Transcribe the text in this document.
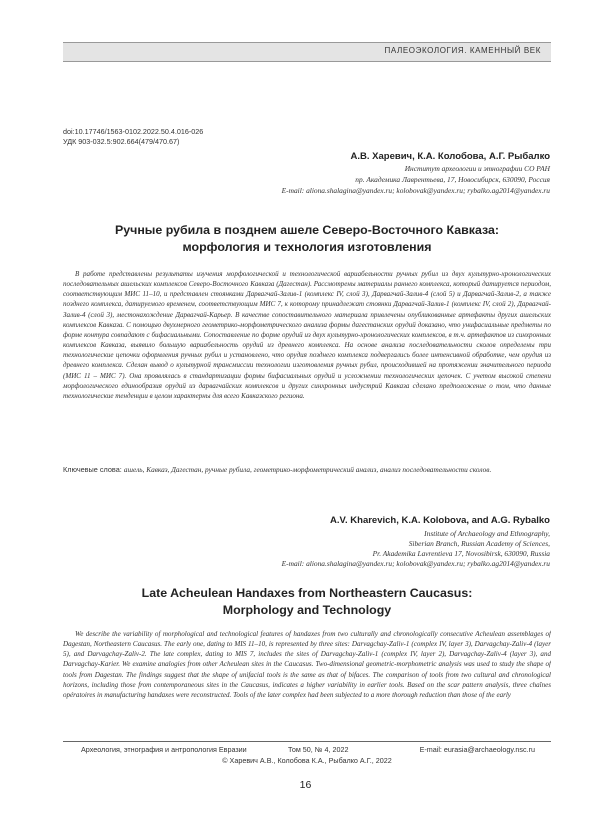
ПАЛЕОЭКОЛОГИЯ. КАМЕННЫЙ ВЕК
doi:10.17746/1563-0102.2022.50.4.016-026
УДК 903-032.5:902.664(479/470.67)
А.В. Харевич, К.А. Колобова, А.Г. Рыбалко
Институт археологии и этнографии СО РАН
пр. Академика Лаврентьева, 17, Новосибирск, 630090, Россия
E-mail: aliona.shalagina@yandex.ru; kolobovak@yandex.ru; rybalko.ag2014@yandex.ru
Ручные рубила в позднем ашеле Северо-Восточного Кавказа:
морфология и технология изготовления

В работе представлены результаты изучения морфологической и технологической вариабельности ручных рубил из двух культурно-хронологических последовательных ашельских комплексов Северо-Восточного Кавказа (Дагестан). Рассмотрены материалы раннего комплекса, который датируется периодом, соответствующим МИС 11–10, и представлен стоянками Дарвагчай-Залив-1 (комплекс IV, слой 3), Дарвагчай-Залив-4 (слой 5) и Дарвагчай-Залив-2, а также позднего комплекса, датируемого временем, соответствующим МИС 7, к которому принадлежат стоянки Дарвагчай-Залив-1 (комплекс IV, слой 2), Дарвагчай-Залив-4 (слой 3), местонахождение Дарвагчай-Карьер. В качестве сопоставительного материала привлечены опубликованные артефакты других ашельских комплексов Кавказа. С помощью двухмерного геометрико-морфометрического анализа формы дагестанских орудий доказано, что унифасиальные предметы по форме контура совпадают с бифасиальными. Сопоставление по форме орудий из двух культурно-хронологических комплексов, в т.ч. артефактов из синхронных комплексов Кавказа, выявило большую вариабельность орудий из древнего комплекса. На основе анализа последовательности сколов определены три технологические цепочки оформления ручных рубил и установлено, что орудия позднего комплекса подвергались более интенсивной обработке, чем орудия из древнего комплекса. Сделан вывод о культурной трансмиссии технологии изготовления ручных рубил, происходившей на протяжении значительного периода (МИС 11 – МИС 7). Она проявлялась в стандартизации формы бифасиальных орудий и усложнении технологических цепочек. С учетом высокой степени морфологического единообразия орудий из дарвагчайских комплексов и других синхронных индустрий Кавказа сделано предположение о том, что данные технологические тенденции в целом характерны для всего Кавказского региона.

Ключевые слова: ашель, Кавказ, Дагестан, ручные рубила, геометрико-морфометрический анализ, анализ последовательности сколов.
A.V. Kharevich, K.A. Kolobova, and A.G. Rybalko
Institute of Archaeology and Ethnography,
Siberian Branch, Russian Academy of Sciences,
Pr. Akademika Lavrentieva 17, Novosibirsk, 630090, Russia
E-mail: aliona.shalagina@yandex.ru; kolobovak@yandex.ru; rybalko.ag2014@yandex.ru
Late Acheulean Handaxes from Northeastern Caucasus:
Morphology and Technology

We describe the variability of morphological and technological features of handaxes from two culturally and chronologically consecutive Acheulean assemblages of Dagestan, Northeastern Caucasus. The early one, dating to MIS 11–10, is represented by three sites: Darvagchay-Zaliv-1 (complex IV, layer 3), Darvagchay-Zaliv-4 (layer 5), and Darvagchay-Zaliv-2. The late complex, dating to MIS 7, includes the sites of Darvagchay-Zaliv-1 (complex IV, layer 2), Darvagchay-Zaliv-4 (layer 3), and Darvagchay-Karier. We examine analogies from other Acheulean sites in the Caucasus. Two-dimensional geometric-morphometric analysis was used to study the shape of tools from Dagestan. The findings suggest that the shape of unifacial tools is the same as that of bifaces. The comparison of tools from two cultural and chronological horizons, including those from contemporaneous sites in the Caucasus, indicates a higher variability in earlier tools. Based on the scar pattern analysis, three chaînes opératoires in manufacturing handaxes were reconstructed. Tools of the later complex had been subjected to a more thorough reduction than those of the early

Археология, этнография и антропология Евразии	Том 50, № 4, 2022	E-mail: eurasia@archaeology.nsc.ru
© Харевич А.В., Колобова К.А., Рыбалко А.Г., 2022
16
